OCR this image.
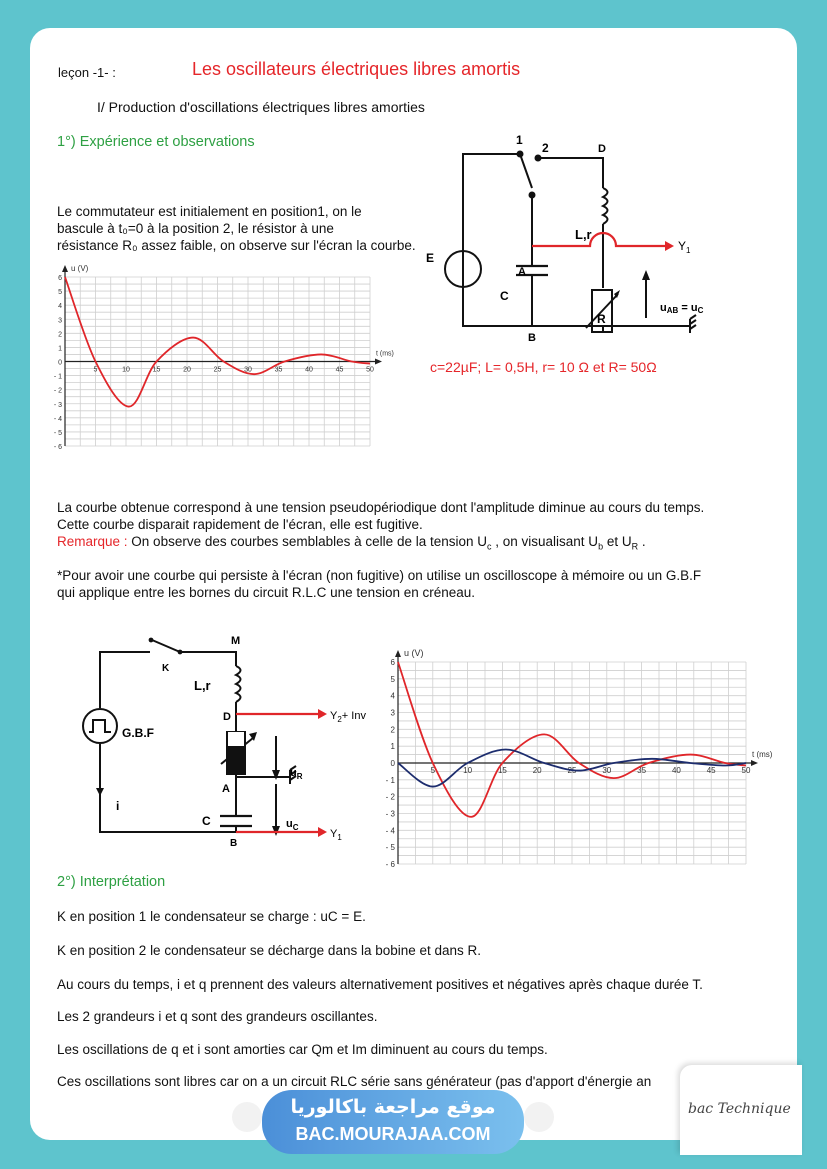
leçon -1- :	Les oscillateurs électriques libres amortis
I/ Production d'oscillations électriques libres amorties
1°) Expérience et observations
Le commutateur est initialement en position1, on le
bascule à t₀=0 à la position 2, le résistor à une
résistance R₀ assez faible, on observe sur l'écran la courbe.
1
2	D
E
L,r
A
C
R
B
$Y_1$
uAB = uC
c=22µF; L= 0,5H, r= 10 Ω et R= 50Ω
5	10	15	20	25	30	35	40	45	50
6
5
4
3
2
1
0
- 1
- 2
- 3
- 4
- 5
- 6
u (V)
t (ms)
La courbe obtenue correspond à une tension pseudopériodique dont l'amplitude diminue au cours du temps.
Cette courbe disparait rapidement de l'écran, elle est fugitive.
Remarque : On observe des courbes semblables à celle de la tension $U_c$ , on visualisant $U_b$ et $U_R$ .
*Pour avoir une courbe qui persiste à l'écran (non fugitive) on utilise un oscilloscope à mémoire ou un G.B.F
qui applique entre les bornes du circuit R.L.C une tension en créneau.
M
K
L,r
D
G.B.F
$Y_2+$ Inv
$u_R$
i
A
C	$u_C$
B
$Y_1$
5	10	15	20	25	30	35	40	45	50
6
5
4
3
2
1
0
- 1
- 2
- 3
- 4
- 5
- 6
u (V)
t (ms)
2°) Interprétation
K en position 1 le condensateur se charge : uC = E.
K en position 2 le condensateur se décharge dans la bobine et dans R.
Au cours du temps, i et q prennent des valeurs alternativement positives et négatives après chaque durée T.
Les 2 grandeurs i et q sont des grandeurs oscillantes.
Les oscillations de q et i sont amorties car Qm et Im diminuent au cours du temps.
Ces oscillations sont libres car on a un circuit RLC série sans générateur (pas d'apport d'énergie an
موقع مراجعة باكالوريا
BAC.MOURAJAA.COM
bac Technique
